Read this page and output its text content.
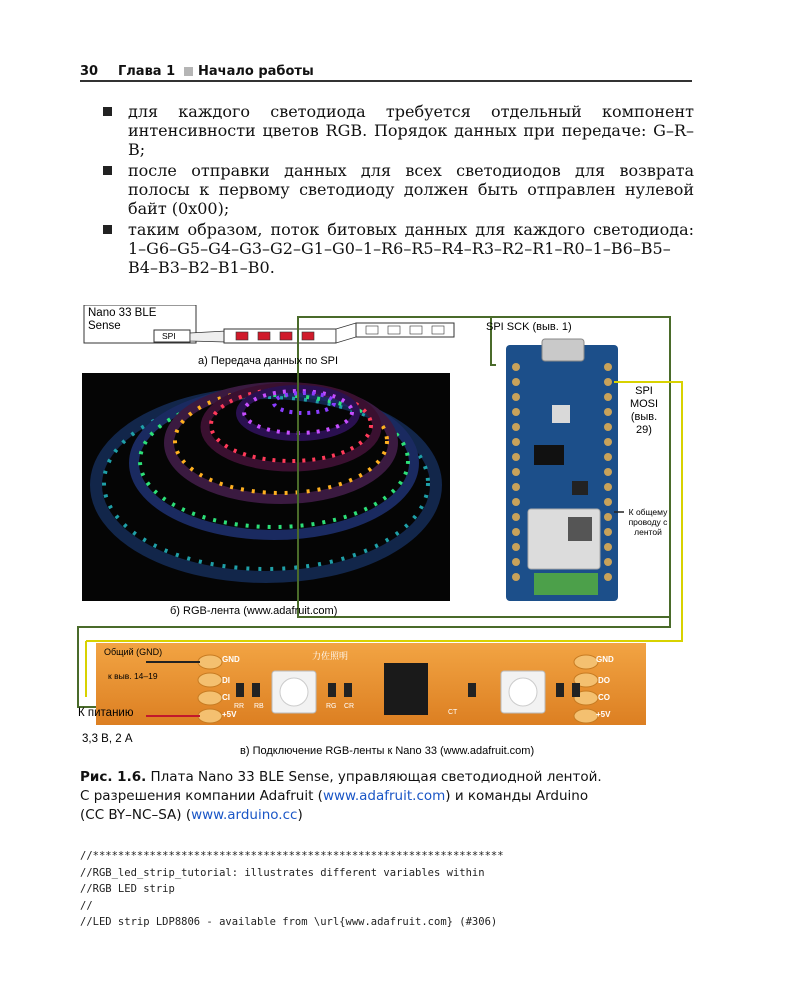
30 Глава 1 Начало работы
для каждого светодиода требуется отдельный компонент интенсивности цветов RGB. Порядок данных при передаче: G–R–B;
после отправки данных для всех светодиодов для возврата полосы к первому светодиоду должен быть отправлен нулевой байт (0x00);
таким образом, поток битовых данных для каждого светодиода: 1–G6–G5–G4–G3–G2–G1–G0–1–R6–R5–R4–R3–R2–R1–R0–1–B6–B5–B4–B3–B2–B1–B0.
Nano 33 BLE Sense
SPI
а) Передача данных по SPI
SPI SCK (выв. 1)
SPI MOSI (выв. 29)
К общему проводу с лентой
б) RGB-лента (www.adafruit.com)
Общий (GND)
к выв. 14–19
К питанию
3,3 В, 2 А
в) Подключение RGB-ленты к Nano 33 (www.adafruit.com)
GND
DI
CI
+5V
RR RB	RG CR
CT
GND
DO
CO
+5V
力佐照明
Рис. 1.6. Плата Nano 33 BLE Sense, управляющая светодиодной лентой.
С разрешения компании Adafruit (www.adafruit.com) и команды Arduino
(CC BY–NC–SA) (www.arduino.cc)
//*****************************************************************
//RGB_led_strip_tutorial: illustrates different variables within
//RGB LED strip
//
//LED strip LDP8806 - available from \url{www.adafruit.com} (#306)
